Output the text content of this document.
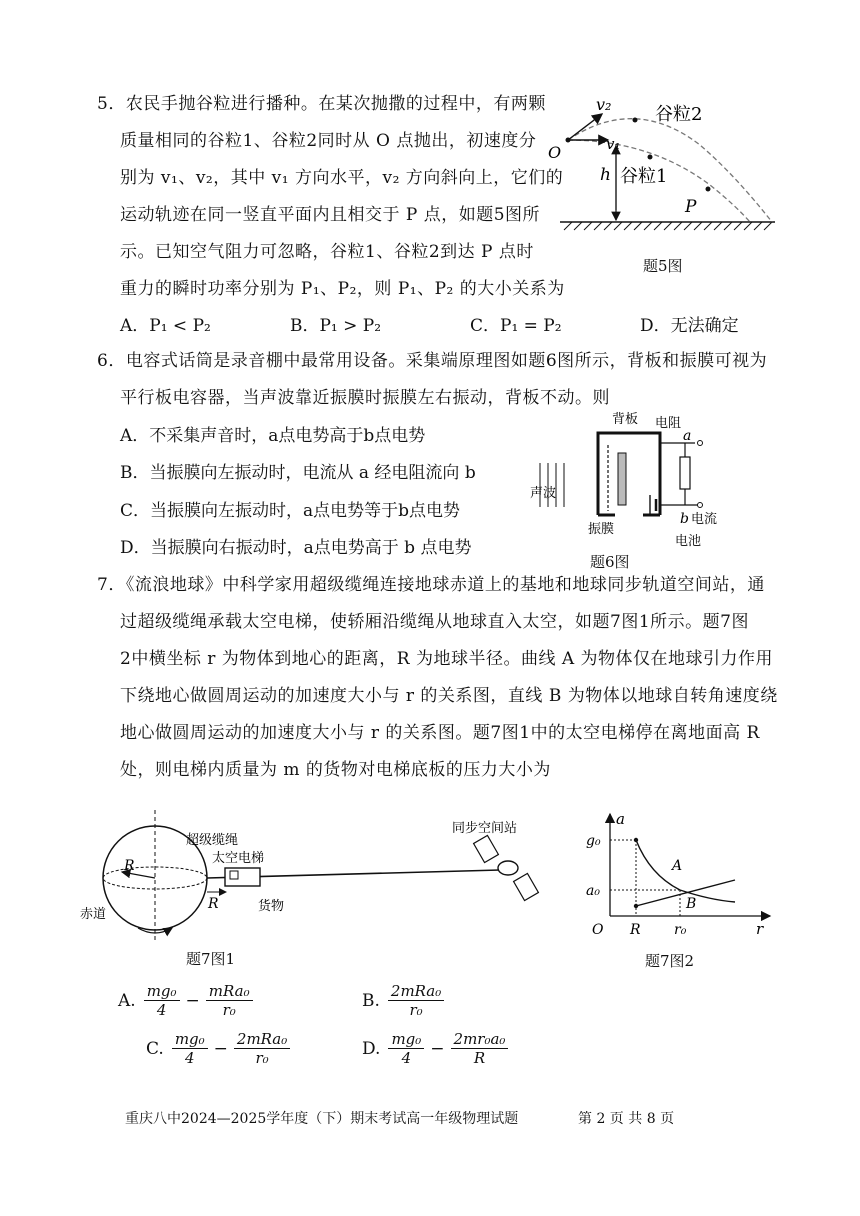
5．农民手抛谷粒进行播种。在某次抛撒的过程中，有两颗
质量相同的谷粒1、谷粒2同时从 O 点抛出，初速度分
别为 v₁、v₂，其中 v₁ 方向水平，v₂ 方向斜向上，它们的
运动轨迹在同一竖直平面内且相交于 P 点，如题5图所
示。已知空气阻力可忽略，谷粒1、谷粒2到达 P 点时
重力的瞬时功率分别为 P₁、P₂，则 P₁、P₂ 的大小关系为
A．P₁ < P₂	B．P₁ > P₂	C．P₁ = P₂	D．无法确定
v₂
v₁
O
h
谷粒2
谷粒1
P
题5图
6．电容式话筒是录音棚中最常用设备。采集端原理图如题6图所示，背板和振膜可视为
平行板电容器，当声波靠近振膜时振膜左右振动，背板不动。则
A．不采集声音时，a点电势高于b点电势
B．当振膜向左振动时，电流从 a 经电阻流向 b
C．当振膜向左振动时，a点电势等于b点电势
D．当振膜向右振动时，a点电势高于 b 点电势
背板 电阻
a
声波
b 电流
振膜
电池
题6图
7．《流浪地球》中科学家用超级缆绳连接地球赤道上的基地和地球同步轨道空间站，通
过超级缆绳承载太空电梯，使轿厢沿缆绳从地球直入太空，如题7图1所示。题7图
2中横坐标 r 为物体到地心的距离，R 为地球半径。曲线 A 为物体仅在地球引力作用
下绕地心做圆周运动的加速度大小与 r 的关系图，直线 B 为物体以地球自转角速度绕
地心做圆周运动的加速度大小与 r 的关系图。题7图1中的太空电梯停在离地面高 R
处，则电梯内质量为 m 的货物对电梯底板的压力大小为
超级缆绳
太空电梯
同步空间站
R
R	货物
赤道
题7图1
a
g₀
a₀
O R r₀	r
A
B
题7图2
A. $\frac{\text{mg₀}}{4} - \frac{\text{mRa₀}}{\text{r₀}}$	B. $\frac{\text{2mRa₀}}{\text{r₀}}$
C. $\frac{\text{mg₀}}{4} - \frac{\text{2mRa₀}}{\text{r₀}}$	D. $\frac{\text{mg₀}}{4} - \frac{\text{2mr₀a₀}}{R}$
重庆八中2024—2025学年度（下）期末考试高一年级物理试题	第 2 页 共 8 页
